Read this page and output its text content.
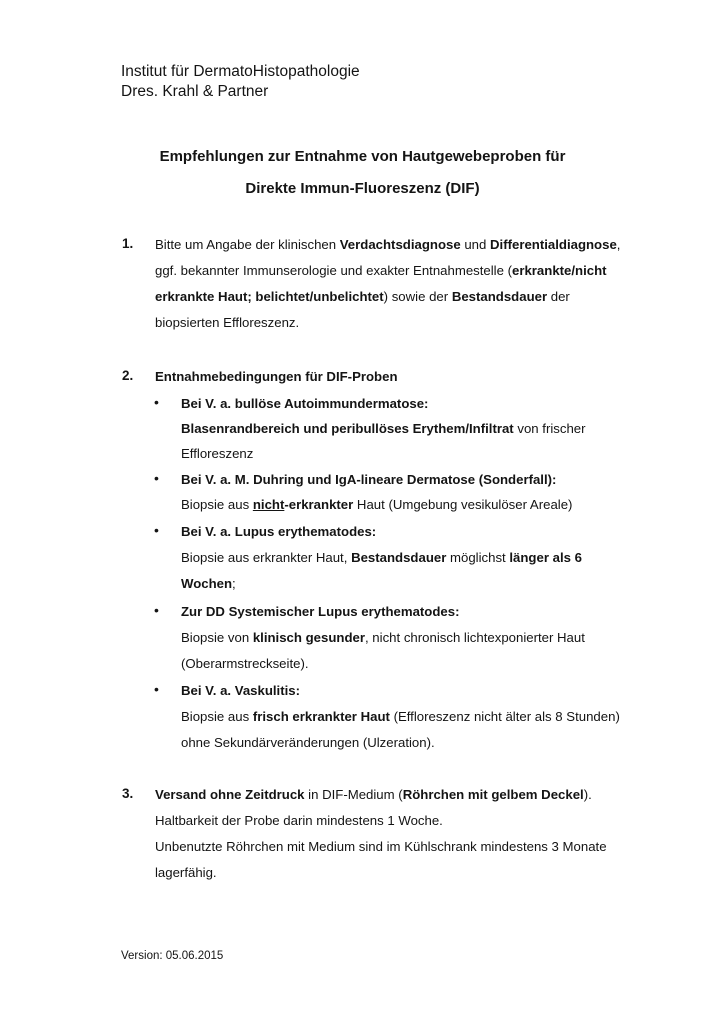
Institut für DermatoHistopathologie
Dres. Krahl & Partner
Empfehlungen zur Entnahme von Hautgewebeproben für
Direkte Immun-Fluoreszenz (DIF)
1. Bitte um Angabe der klinischen Verdachtsdiagnose und Differentialdiagnose,
ggf. bekannter Immunserologie und exakter Entnahmestelle (erkrankte/nicht
erkrankte Haut; belichtet/unbelichtet) sowie der Bestandsdauer der
biopsierten Effloreszenz.
2. Entnahmebedingungen für DIF-Proben
• Bei V. a. bullöse Autoimmundermatose:
Blasenrandbereich und peribullöses Erythem/Infiltrat von frischer
Effloreszenz
• Bei V. a. M. Duhring und IgA-lineare Dermatose (Sonderfall):
Biopsie aus nicht-erkrankter Haut (Umgebung vesikulöser Areale)
• Bei V. a. Lupus erythematodes:
Biopsie aus erkrankter Haut, Bestandsdauer möglichst länger als 6
Wochen;
• Zur DD Systemischer Lupus erythematodes:
Biopsie von klinisch gesunder, nicht chronisch lichtexponierter Haut
(Oberarmstreckseite).
• Bei V. a. Vaskulitis:
Biopsie aus frisch erkrankter Haut (Effloreszenz nicht älter als 8 Stunden)
ohne Sekundärveränderungen (Ulzeration).
3. Versand ohne Zeitdruck in DIF-Medium (Röhrchen mit gelbem Deckel).
Haltbarkeit der Probe darin mindestens 1 Woche.
Unbenutzte Röhrchen mit Medium sind im Kühlschrank mindestens 3 Monate
lagerfähig.
Version: 05.06.2015
